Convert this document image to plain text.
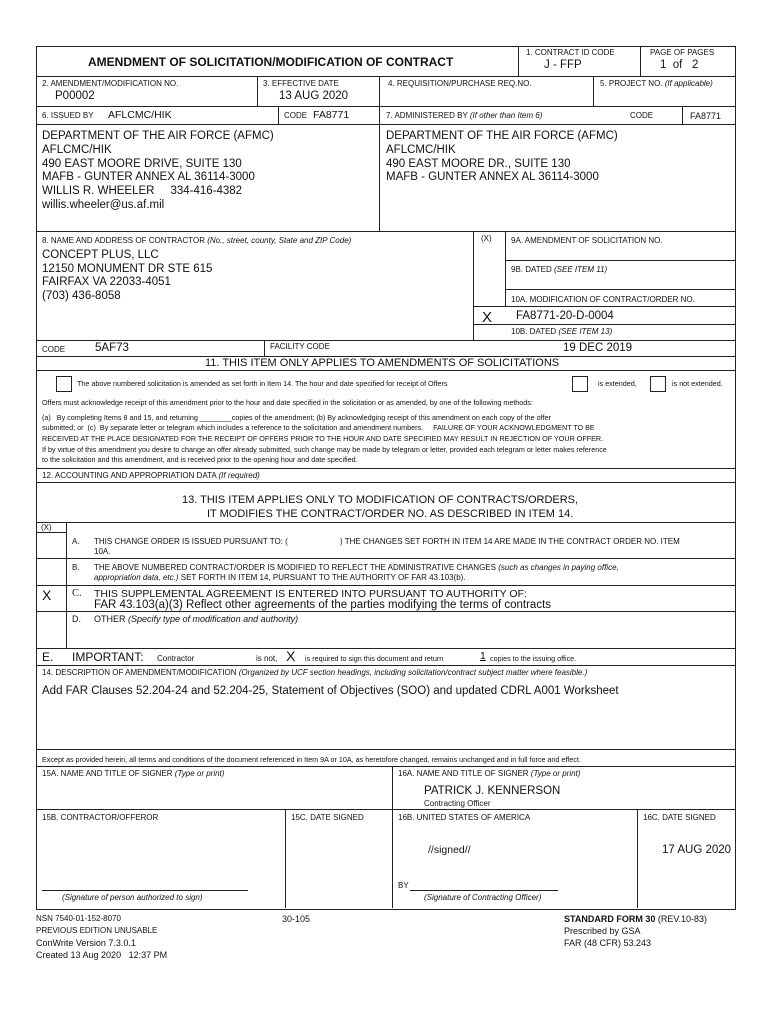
AMENDMENT OF SOLICITATION/MODIFICATION OF CONTRACT
1. CONTRACT ID CODE
J - FFP
PAGE OF PAGES
1  of   2
2. AMENDMENT/MODIFICATION NO.
P00002
3. EFFECTIVE DATE
13 AUG 2020
4. REQUISITION/PURCHASE REQ.NO.	5. PROJECT NO. (If applicable)
6. ISSUED BY AFLCMC/HIK	CODE FA8771	7. ADMINISTERED BY (If other than Item 6)	CODE	FA8771
DEPARTMENT OF THE AIR FORCE (AFMC)
AFLCMC/HIK
490 EAST MOORE DRIVE, SUITE 130
MAFB - GUNTER ANNEX AL 36114-3000
WILLIS R. WHEELER     334-416-4382
willis.wheeler@us.af.mil
DEPARTMENT OF THE AIR FORCE (AFMC)
AFLCMC/HIK
490 EAST MOORE DR., SUITE 130
MAFB - GUNTER ANNEX AL 36114-3000
8. NAME AND ADDRESS OF CONTRACTOR (No., street, county, State and ZIP Code)
CONCEPT PLUS, LLC
12150 MONUMENT DR STE 615
FAIRFAX VA 22033-4051
(703) 436-8058
(X) 9A. AMENDMENT OF SOLICITATION NO.
9B. DATED (SEE ITEM 11)
10A. MODIFICATION OF CONTRACT/ORDER NO.
X FA8771-20-D-0004
10B. DATED (SEE ITEM 13)
19 DEC 2019
CODE	5AF73	FACILITY CODE
11. THIS ITEM ONLY APPLIES TO AMENDMENTS OF SOLICITATIONS
The above numbered solicitation is amended as set forth in Item 14. The hour and date specified for receipt of Offers	is extended,	is not extended.
Offers must acknowledge receipt of this amendment prior to the hour and date specified in the solicitation or as amended, by one of the following methods:
(a)   By completing Items 8 and 15, and returning ________copies of the amendment; (b) By acknowledging receipt of this amendment on each copy of the offer
submitted; or  (c)  By separate letter or telegram which includes a reference to the solicitation and amendment numbers.     FAILURE OF YOUR ACKNOWLEDGMENT TO BE
RECEIVED AT THE PLACE DESIGNATED FOR THE RECEIPT OF OFFERS PRIOR TO THE HOUR AND DATE SPECIFIED MAY RESULT IN REJECTION OF YOUR OFFER.
If by virtue of this amendment you desire to change an offer already submitted, such change may be made by telegram or letter, provided each telegram or letter makes reference
to the solicitation and this amendment, and is received prior to the opening hour and date specified.
12. ACCOUNTING AND APPROPRIATION DATA (If required)
13. THIS ITEM APPLIES ONLY TO MODIFICATION OF CONTRACTS/ORDERS,
IT MODIFIES THE CONTRACT/ORDER NO. AS DESCRIBED IN ITEM 14.
(X)
A. THIS CHANGE ORDER IS ISSUED PURSUANT TO: (	) THE CHANGES SET FORTH IN ITEM 14 ARE MADE IN THE CONTRACT ORDER NO. ITEM
10A.
B. THE ABOVE NUMBERED CONTRACT/ORDER IS MODIFIED TO REFLECT THE ADMINISTRATIVE CHANGES (such as changes in paying office,
appropriation data, etc.) SET FORTH IN ITEM 14, PURSUANT TO THE AUTHORITY OF FAR 43.103(b).
X C. THIS SUPPLEMENTAL AGREEMENT IS ENTERED INTO PURSUANT TO AUTHORITY OF:
FAR 43.103(a)(3) Reflect other agreements of the parties modifying the terms of contracts
D. OTHER (Specify type of modification and authority)
E. IMPORTANT: Contractor	is not, X is required to sign this document and return	1 copies to the issuing office.
14. DESCRIPTION OF AMENDMENT/MODIFICATION (Organized by UCF section headings, including solicitation/contract subject matter where feasible.)
Add FAR Clauses 52.204-24 and 52.204-25, Statement of Objectives (SOO) and updated CDRL A001 Worksheet
Except as provided herein, all terms and conditions of the document referenced in Item 9A or 10A, as heretofore changed, remains unchanged and in full force and effect.
15A. NAME AND TITLE OF SIGNER (Type or print)	16A. NAME AND TITLE OF SIGNER (Type or print)
PATRICK J. KENNERSON
Contracting Officer
15B. CONTRACTOR/OFFEROR	15C. DATE SIGNED	16B. UNITED STATES OF AMERICA	16C. DATE SIGNED
//signed//	17 AUG 2020
(Signature of person authorized to sign)
BY
(Signature of Contracting Officer)
NSN 7540-01-152-8070
PREVIOUS EDITION UNUSABLE
ConWrite Version 7.3.0.1
Created 13 Aug 2020   12:37 PM
30-105	STANDARD FORM 30 (REV.10-83)
Prescribed by GSA
FAR (48 CFR) 53.243
